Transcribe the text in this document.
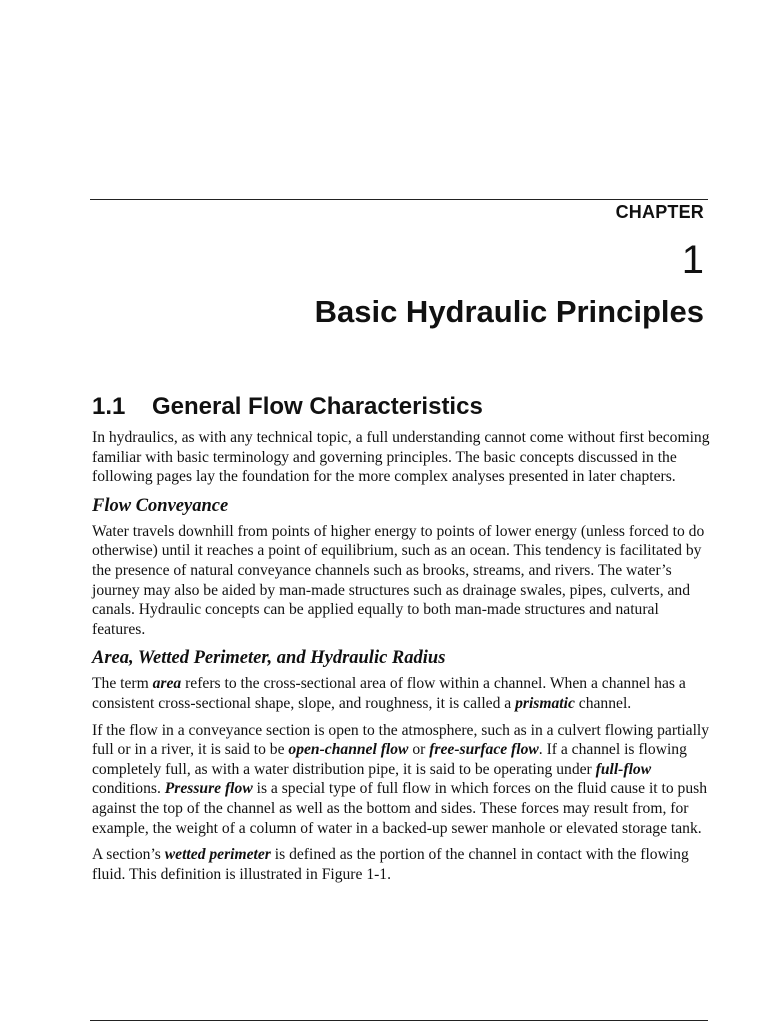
CHAPTER
1
Basic Hydraulic Principles
1.1 General Flow Characteristics

In hydraulics, as with any technical topic, a full understanding cannot come without first becoming familiar with basic terminology and governing principles. The basic concepts discussed in the following pages lay the foundation for the more complex analyses presented in later chapters.

Flow Conveyance

Water travels downhill from points of higher energy to points of lower energy (unless forced to do otherwise) until it reaches a point of equilibrium, such as an ocean. This tendency is facilitated by the presence of natural conveyance channels such as brooks, streams, and rivers. The water’s journey may also be aided by man-made structures such as drainage swales, pipes, culverts, and canals. Hydraulic concepts can be applied equally to both man-made structures and natural features.

Area, Wetted Perimeter, and Hydraulic Radius

The term area refers to the cross-sectional area of flow within a channel. When a channel has a consistent cross-sectional shape, slope, and roughness, it is called a prismatic channel.

If the flow in a conveyance section is open to the atmosphere, such as in a culvert flowing partially full or in a river, it is said to be open-channel flow or free-surface flow. If a channel is flowing completely full, as with a water distribution pipe, it is said to be operating under full-flow conditions. Pressure flow is a special type of full flow in which forces on the fluid cause it to push against the top of the channel as well as the bottom and sides. These forces may result from, for example, the weight of a column of water in a backed-up sewer manhole or elevated storage tank.

A section’s wetted perimeter is defined as the portion of the channel in contact with the flowing fluid. This definition is illustrated in Figure 1-1.
